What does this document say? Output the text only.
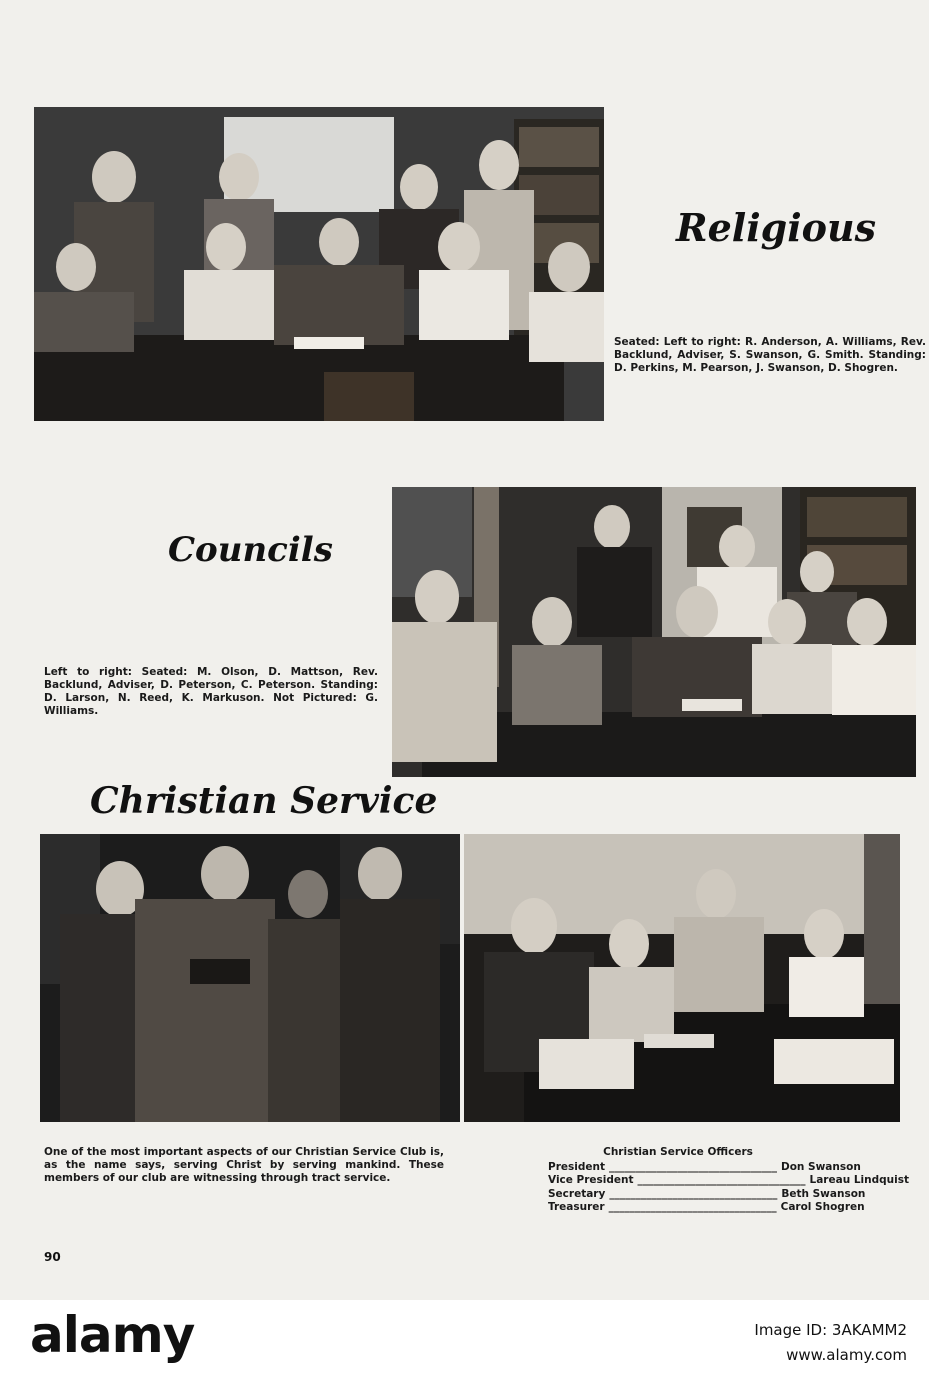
Religious
Seated: Left to right: R. Anderson, A. Williams, Rev. Backlund, Adviser, S. Swanson, G. Smith. Standing: D. Perkins, M. Pearson, J. Swanson, D. Shogren.
Councils
Left to right: Seated: M. Olson, D. Mattson, Rev. Backlund, Adviser, D. Peterson, C. Peterson. Standing: D. Larson, N. Reed, K. Markuson. Not Pictured: G. Williams.
Christian Service
One of the most important aspects of our Christian Service Club is, as the name says, serving Christ by serving mankind. These members of our club are witnessing through tract service.
Christian Service Officers
President ________________________________ Don Swanson
Vice President ________________________________ Lareau Lindquist
Secretary ________________________________ Beth Swanson
Treasurer ________________________________ Carol Shogren
90
alamy	Image ID: 3AKAMM2
www.alamy.com
